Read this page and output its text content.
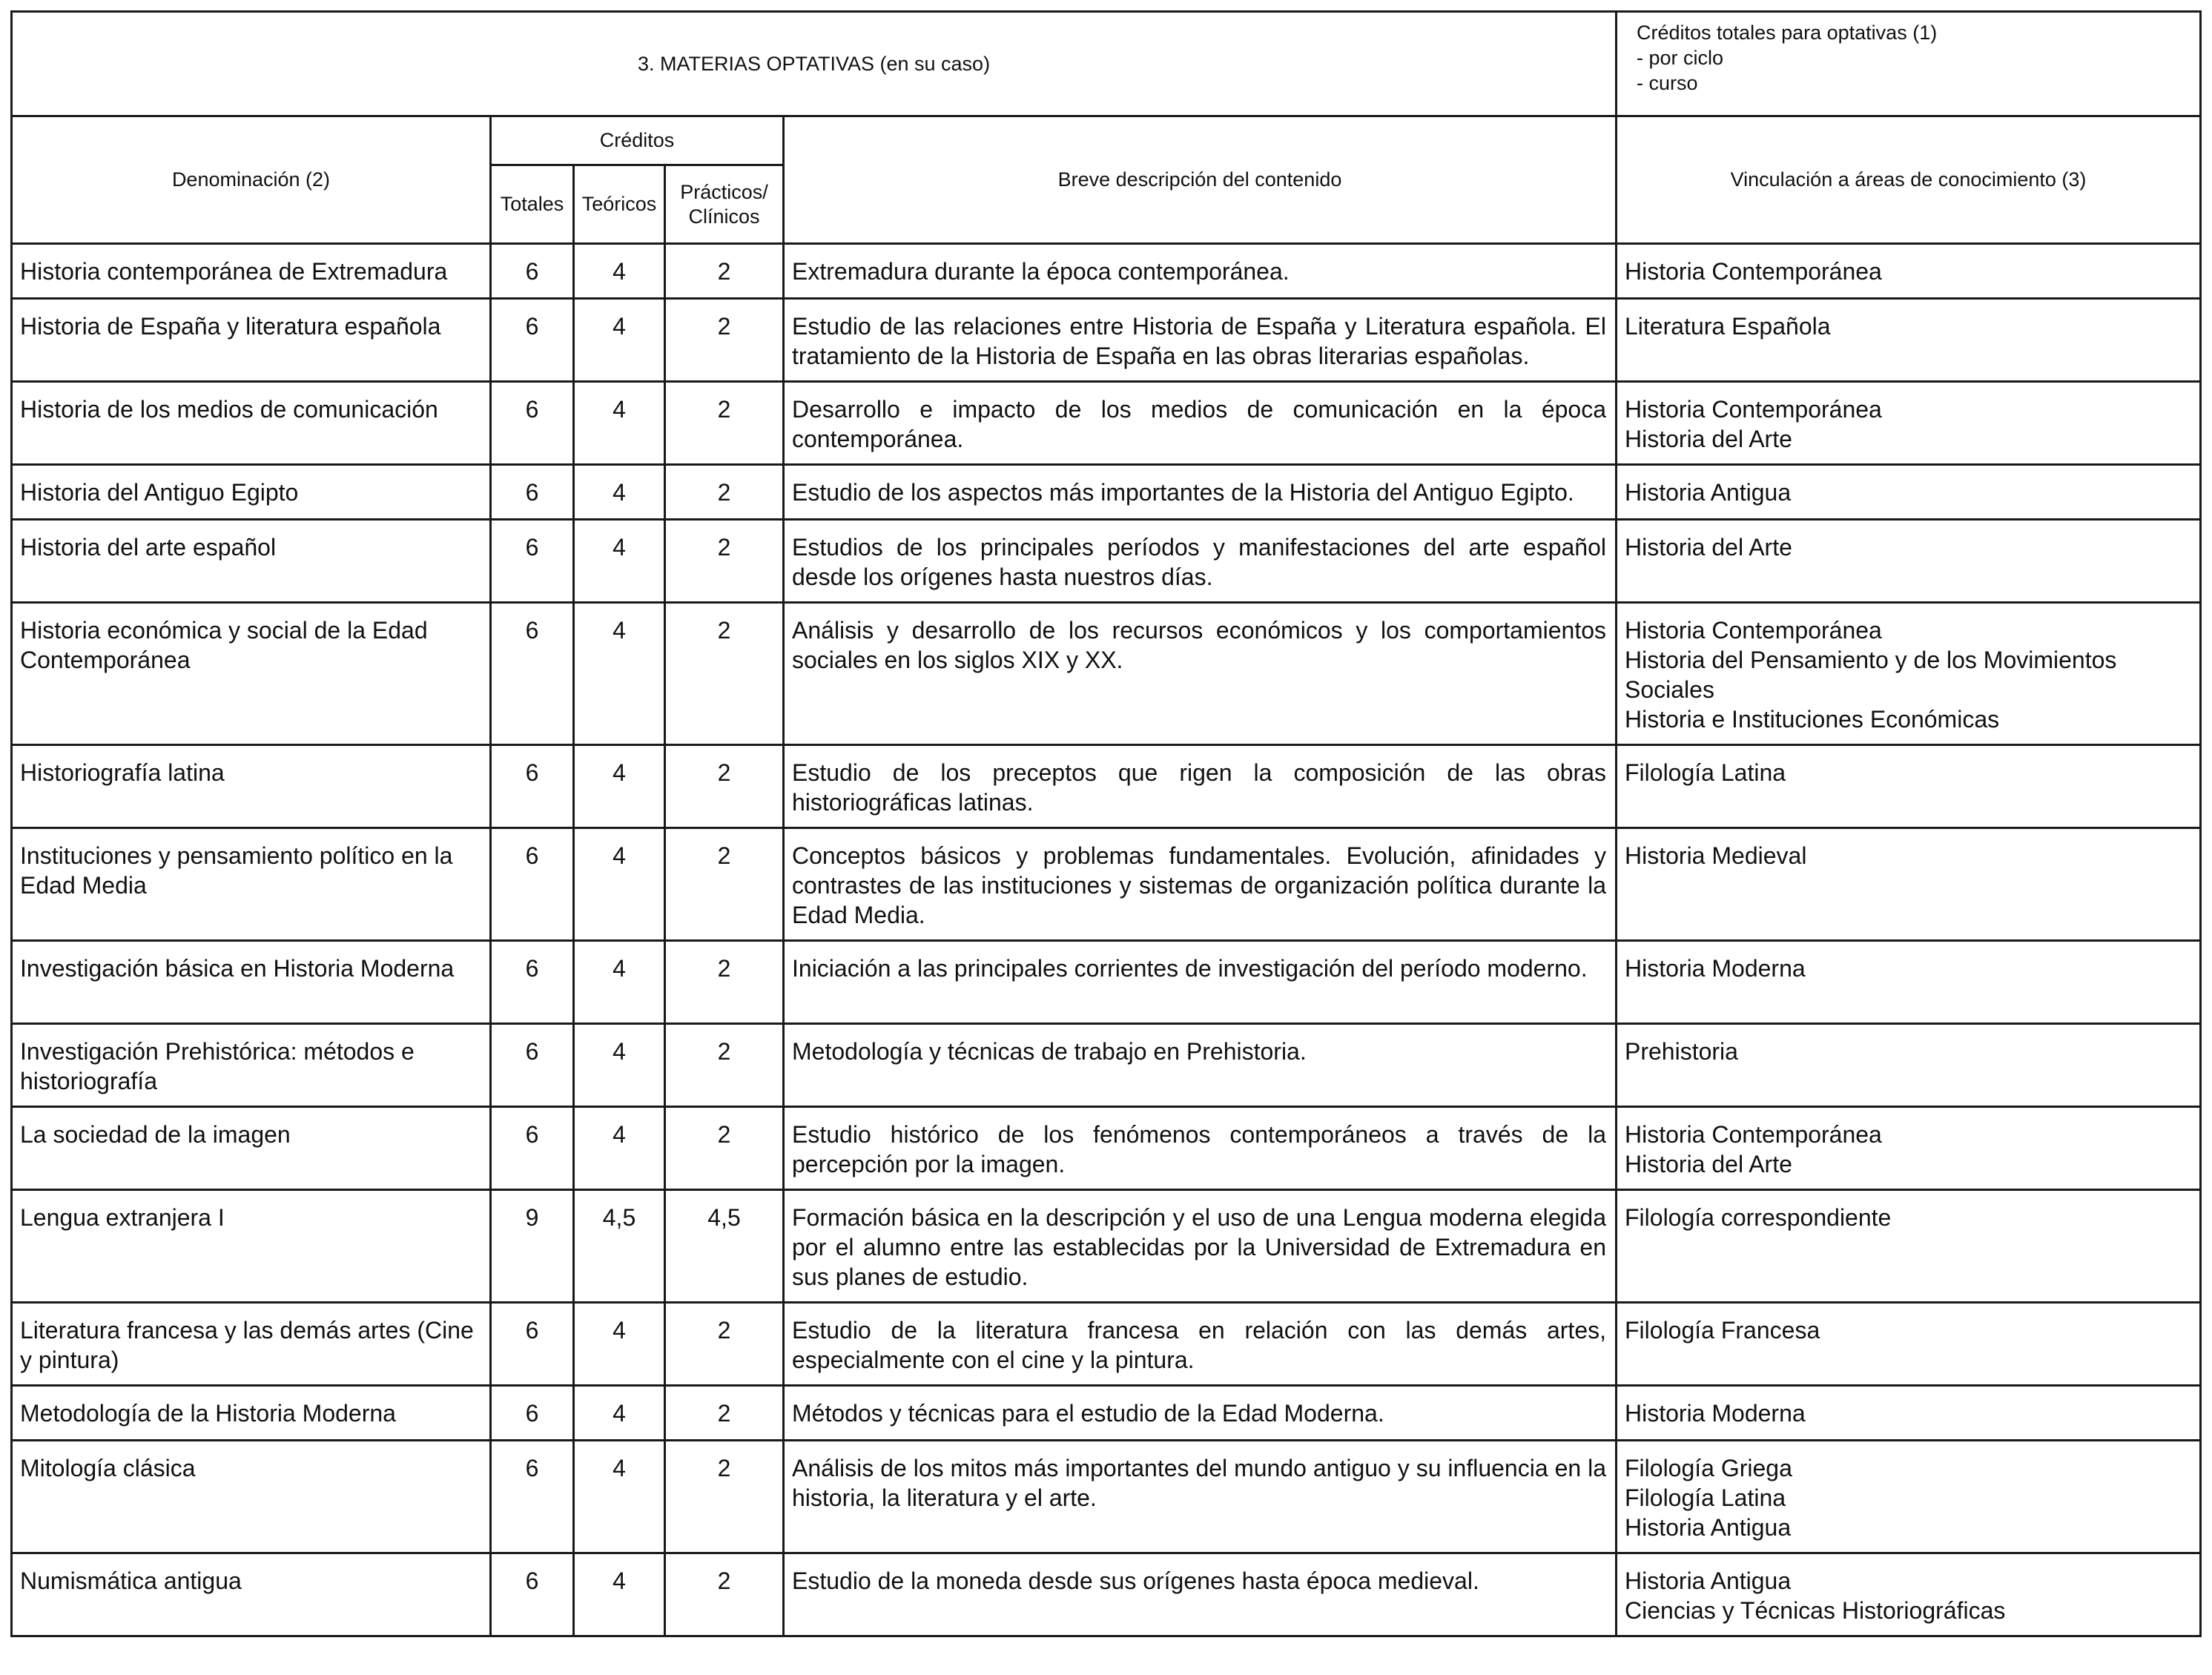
3. MATERIAS OPTATIVAS (en su caso)					Créditos totales para optativas (1)
- por ciclo
- curso

Denominación (2)	Créditos			Breve descripción del contenido	Vinculación a áreas de conocimiento (3)
	Totales	Teóricos	Prácticos/
Clínicos		

Historia contemporánea de Extremadura	6	4	2	Extremadura durante la época contemporánea.	Historia Contemporánea

Historia de España y literatura española	6	4	2	Estudio de las relaciones entre Historia de España y Literatura española. El tratamiento de la Historia de España en las obras literarias españolas.	Literatura Española

Historia de los medios de comunicación	6	4	2	Desarrollo e impacto de los medios de comunicación en la época contemporánea.	Historia Contemporánea
Historia del Arte

Historia del Antiguo Egipto	6	4	2	Estudio de los aspectos más importantes de la Historia del Antiguo Egipto.	Historia Antigua

Historia del arte español	6	4	2	Estudios de los principales períodos y manifestaciones del arte español desde los orígenes hasta nuestros días.	Historia del Arte

Historia económica y social de la Edad Contemporánea	6	4	2	Análisis y desarrollo de los recursos económicos y los comportamientos sociales en los siglos XIX y XX.	Historia Contemporánea
Historia del Pensamiento y de los Movimientos Sociales
Historia e Instituciones Económicas

Historiografía latina	6	4	2	Estudio de los preceptos que rigen la composición de las obras historiográficas latinas.	Filología Latina

Instituciones y pensamiento político en la Edad Media	6	4	2	Conceptos básicos y problemas fundamentales. Evolución, afinidades y contrastes de las instituciones y sistemas de organización política durante la Edad Media.	Historia Medieval

Investigación básica en Historia Moderna	6	4	2	Iniciación a las principales corrientes de investigación del período moderno.	Historia Moderna

Investigación Prehistórica: métodos e historiografía	6	4	2	Metodología y técnicas de trabajo en Prehistoria.	Prehistoria

La sociedad de la imagen	6	4	2	Estudio histórico de los fenómenos contemporáneos a través de la percepción por la imagen.	Historia Contemporánea
Historia del Arte

Lengua extranjera I	9	4,5	4,5	Formación básica en la descripción y el uso de una Lengua moderna elegida por el alumno entre las establecidas por la Universidad de Extremadura en sus planes de estudio.	Filología correspondiente

Literatura francesa y las demás artes (Cine y pintura)	6	4	2	Estudio de la literatura francesa en relación con las demás artes, especialmente con el cine y la pintura.	Filología Francesa

Metodología de la Historia Moderna	6	4	2	Métodos y técnicas para el estudio de la Edad Moderna.	Historia Moderna

Mitología clásica	6	4	2	Análisis de los mitos más importantes del mundo antiguo y su influencia en la historia, la literatura y el arte.	Filología Griega
Filología Latina
Historia Antigua

Numismática antigua	6	4	2	Estudio de la moneda desde sus orígenes hasta época medieval.	Historia Antigua
Ciencias y Técnicas Historiográficas
